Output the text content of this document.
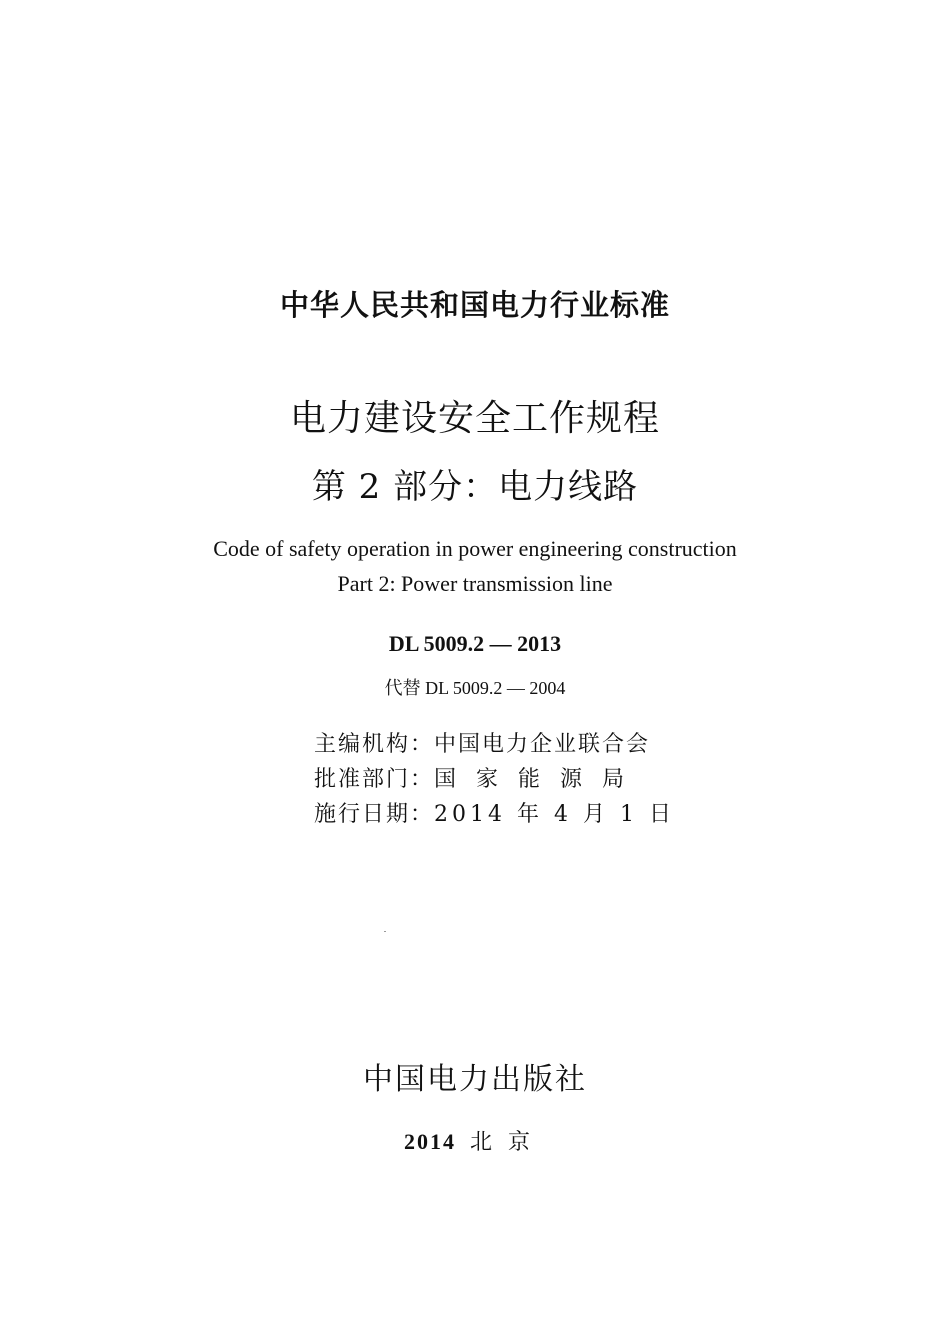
中华人民共和国电力行业标准
电力建设安全工作规程
第 2 部分：电力线路
Code of safety operation in power engineering construction
Part 2: Power transmission line
DL 5009.2 — 2013
代替 DL 5009.2 — 2004
主编机构：中国电力企业联合会
批准部门：国家能源局
施行日期：2014 年 4 月 1 日
中国电力出版社
2014 北京
